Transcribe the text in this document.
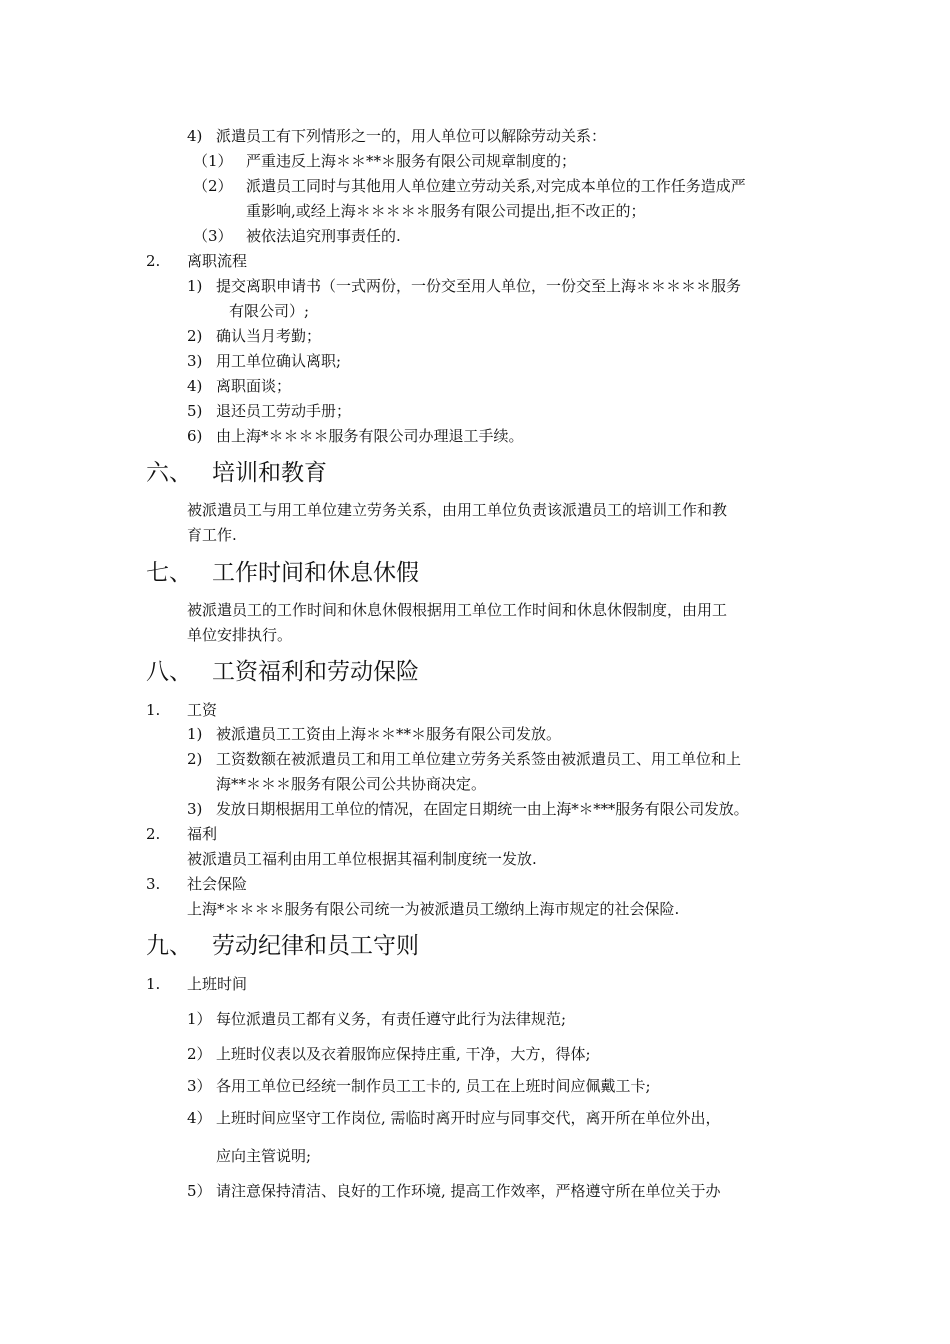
4) 派遣员工有下列情形之一的，用人单位可以解除劳动关系：
（1） 严重违反上海＊＊**＊服务有限公司规章制度的；
（2） 派遣员工同时与其他用人单位建立劳动关系,对完成本单位的工作任务造成严
重影响,或经上海＊＊＊＊＊服务有限公司提出,拒不改正的；
（3） 被依法追究刑事责任的.
2. 离职流程
1) 提交离职申请书（一式两份，一份交至用人单位，一份交至上海＊＊＊＊＊服务
有限公司）;
2) 确认当月考勤；
3) 用工单位确认离职;
4) 离职面谈；
5) 退还员工劳动手册；
6) 由上海*＊＊＊＊服务有限公司办理退工手续。
六、 培训和教育
被派遣员工与用工单位建立劳务关系，由用工单位负责该派遣员工的培训工作和教
育工作.
七、 工作时间和休息休假
被派遣员工的工作时间和休息休假根据用工单位工作时间和休息休假制度，由用工
单位安排执行。
八、 工资福利和劳动保险
1. 工资
1) 被派遣员工工资由上海＊＊**＊服务有限公司发放。
2) 工资数额在被派遣员工和用工单位建立劳务关系签由被派遣员工、用工单位和上
海**＊＊＊服务有限公司公共协商决定。
3) 发放日期根据用工单位的情况，在固定日期统一由上海*＊***服务有限公司发放。
2. 福利
被派遣员工福利由用工单位根据其福利制度统一发放.
3. 社会保险
上海*＊＊＊＊服务有限公司统一为被派遣员工缴纳上海市规定的社会保险.
九、 劳动纪律和员工守则
1. 上班时间
1） 每位派遣员工都有义务，有责任遵守此行为法律规范;
2） 上班时仪表以及衣着服饰应保持庄重, 干净，大方，得体;
3） 各用工单位已经统一制作员工工卡的, 员工在上班时间应佩戴工卡;
4） 上班时间应坚守工作岗位, 需临时离开时应与同事交代，离开所在单位外出，
应向主管说明;
5） 请注意保持清洁、良好的工作环境, 提高工作效率，严格遵守所在单位关于办
